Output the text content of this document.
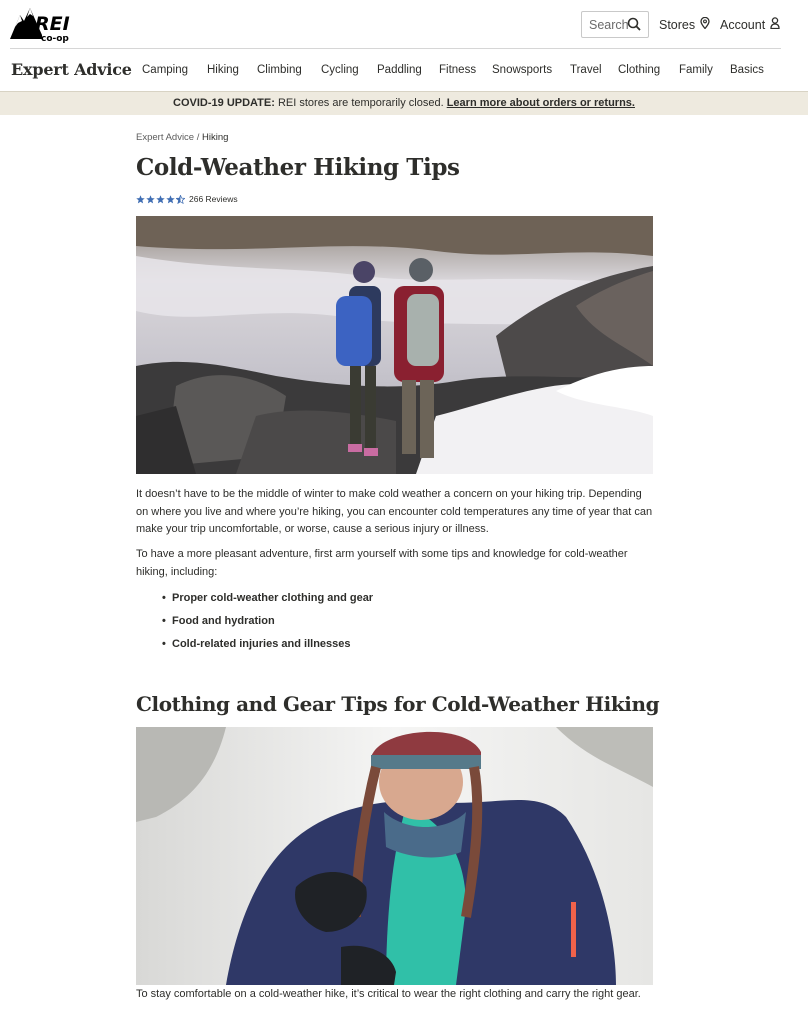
REI
co-op
Search Stores Account
Expert Advice Camping Hiking Climbing Cycling Paddling Fitness Snowsports Travel Clothing Family Basics
COVID-19 UPDATE: REI stores are temporarily closed. Learn more about orders or returns.
Expert Advice / Hiking
Cold-Weather Hiking Tips
266 Reviews

It doesn’t have to be the middle of winter to make cold weather a concern on your hiking trip. Depending on where you live and where you’re hiking, you can encounter cold temperatures any time of year that can make your trip uncomfortable, or worse, cause a serious injury or illness.

To have a more pleasant adventure, first arm yourself with some tips and knowledge for cold-weather hiking, including:

• Proper cold-weather clothing and gear
• Food and hydration
• Cold-related injuries and illnesses
Clothing and Gear Tips for Cold-Weather Hiking

To stay comfortable on a cold-weather hike, it’s critical to wear the right clothing and carry the right gear.
